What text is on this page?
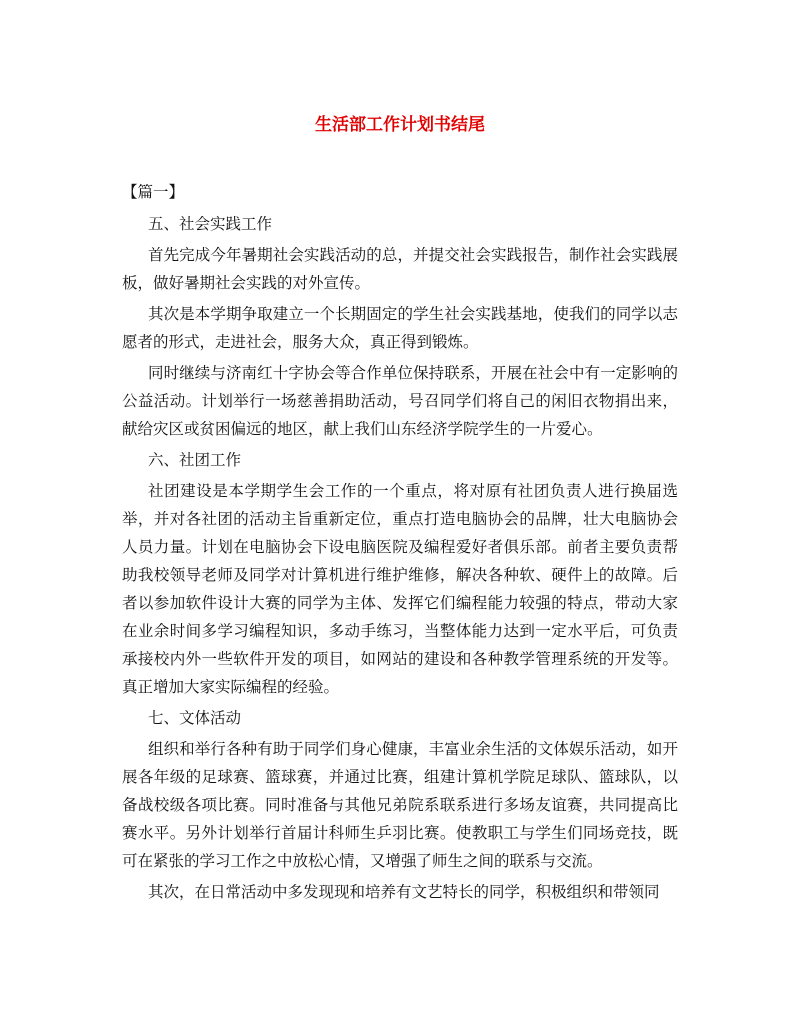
生活部工作计划书结尾

【篇一】

五、社会实践工作

首先完成今年暑期社会实践活动的总，并提交社会实践报告，制作社会实践展板，做好暑期社会实践的对外宣传。

其次是本学期争取建立一个长期固定的学生社会实践基地，使我们的同学以志愿者的形式，走进社会，服务大众，真正得到锻炼。

同时继续与济南红十字协会等合作单位保持联系，开展在社会中有一定影响的公益活动。计划举行一场慈善捐助活动，号召同学们将自己的闲旧衣物捐出来，献给灾区或贫困偏远的地区，献上我们山东经济学院学生的一片爱心。

六、社团工作

社团建设是本学期学生会工作的一个重点，将对原有社团负责人进行换届选举，并对各社团的活动主旨重新定位，重点打造电脑协会的品牌，壮大电脑协会人员力量。计划在电脑协会下设电脑医院及编程爱好者俱乐部。前者主要负责帮助我校领导老师及同学对计算机进行维护维修，解决各种软、硬件上的故障。后者以参加软件设计大赛的同学为主体、发挥它们编程能力较强的特点，带动大家在业余时间多学习编程知识，多动手练习，当整体能力达到一定水平后，可负责承接校内外一些软件开发的项目，如网站的建设和各种教学管理系统的开发等。真正增加大家实际编程的经验。

七、文体活动

组织和举行各种有助于同学们身心健康，丰富业余生活的文体娱乐活动，如开展各年级的足球赛、篮球赛，并通过比赛，组建计算机学院足球队、篮球队，以备战校级各项比赛。同时准备与其他兄弟院系联系进行多场友谊赛，共同提高比赛水平。另外计划举行首届计科师生乒羽比赛。使教职工与学生们同场竞技，既可在紧张的学习工作之中放松心情，又增强了师生之间的联系与交流。

其次，在日常活动中多发现现和培养有文艺特长的同学，积极组织和带领同
